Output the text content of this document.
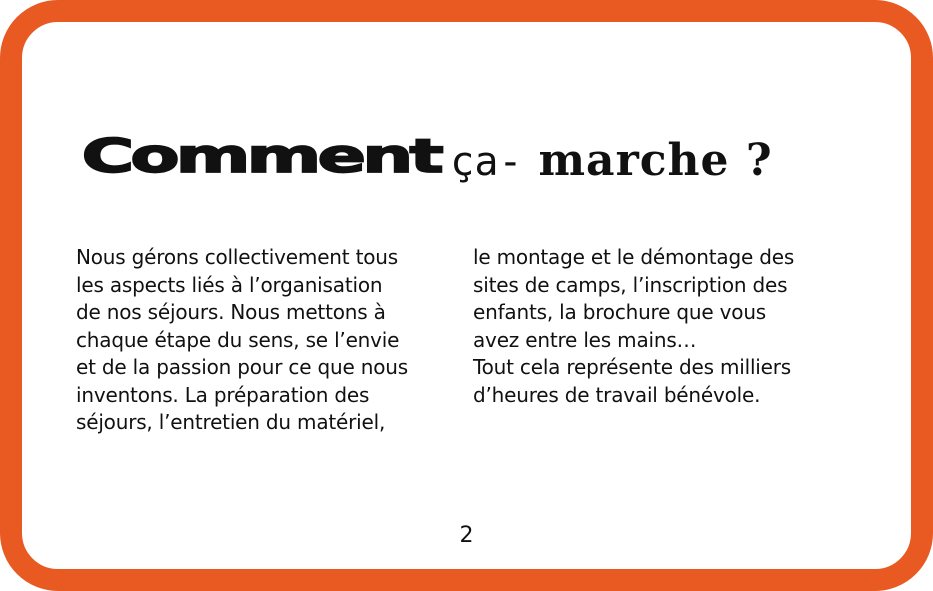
Comment ça- marche ?

Nous gérons collectivement tous

les aspects liés à l’organisation

de nos séjours. Nous mettons à

chaque étape du sens, se l’envie

et de la passion pour ce que nous

inventons. La préparation des

séjours, l’entretien du matériel,

le montage et le démontage des

sites de camps, l’inscription des

enfants, la brochure que vous

avez entre les mains…

Tout cela représente des milliers

d’heures de travail bénévole.

2
